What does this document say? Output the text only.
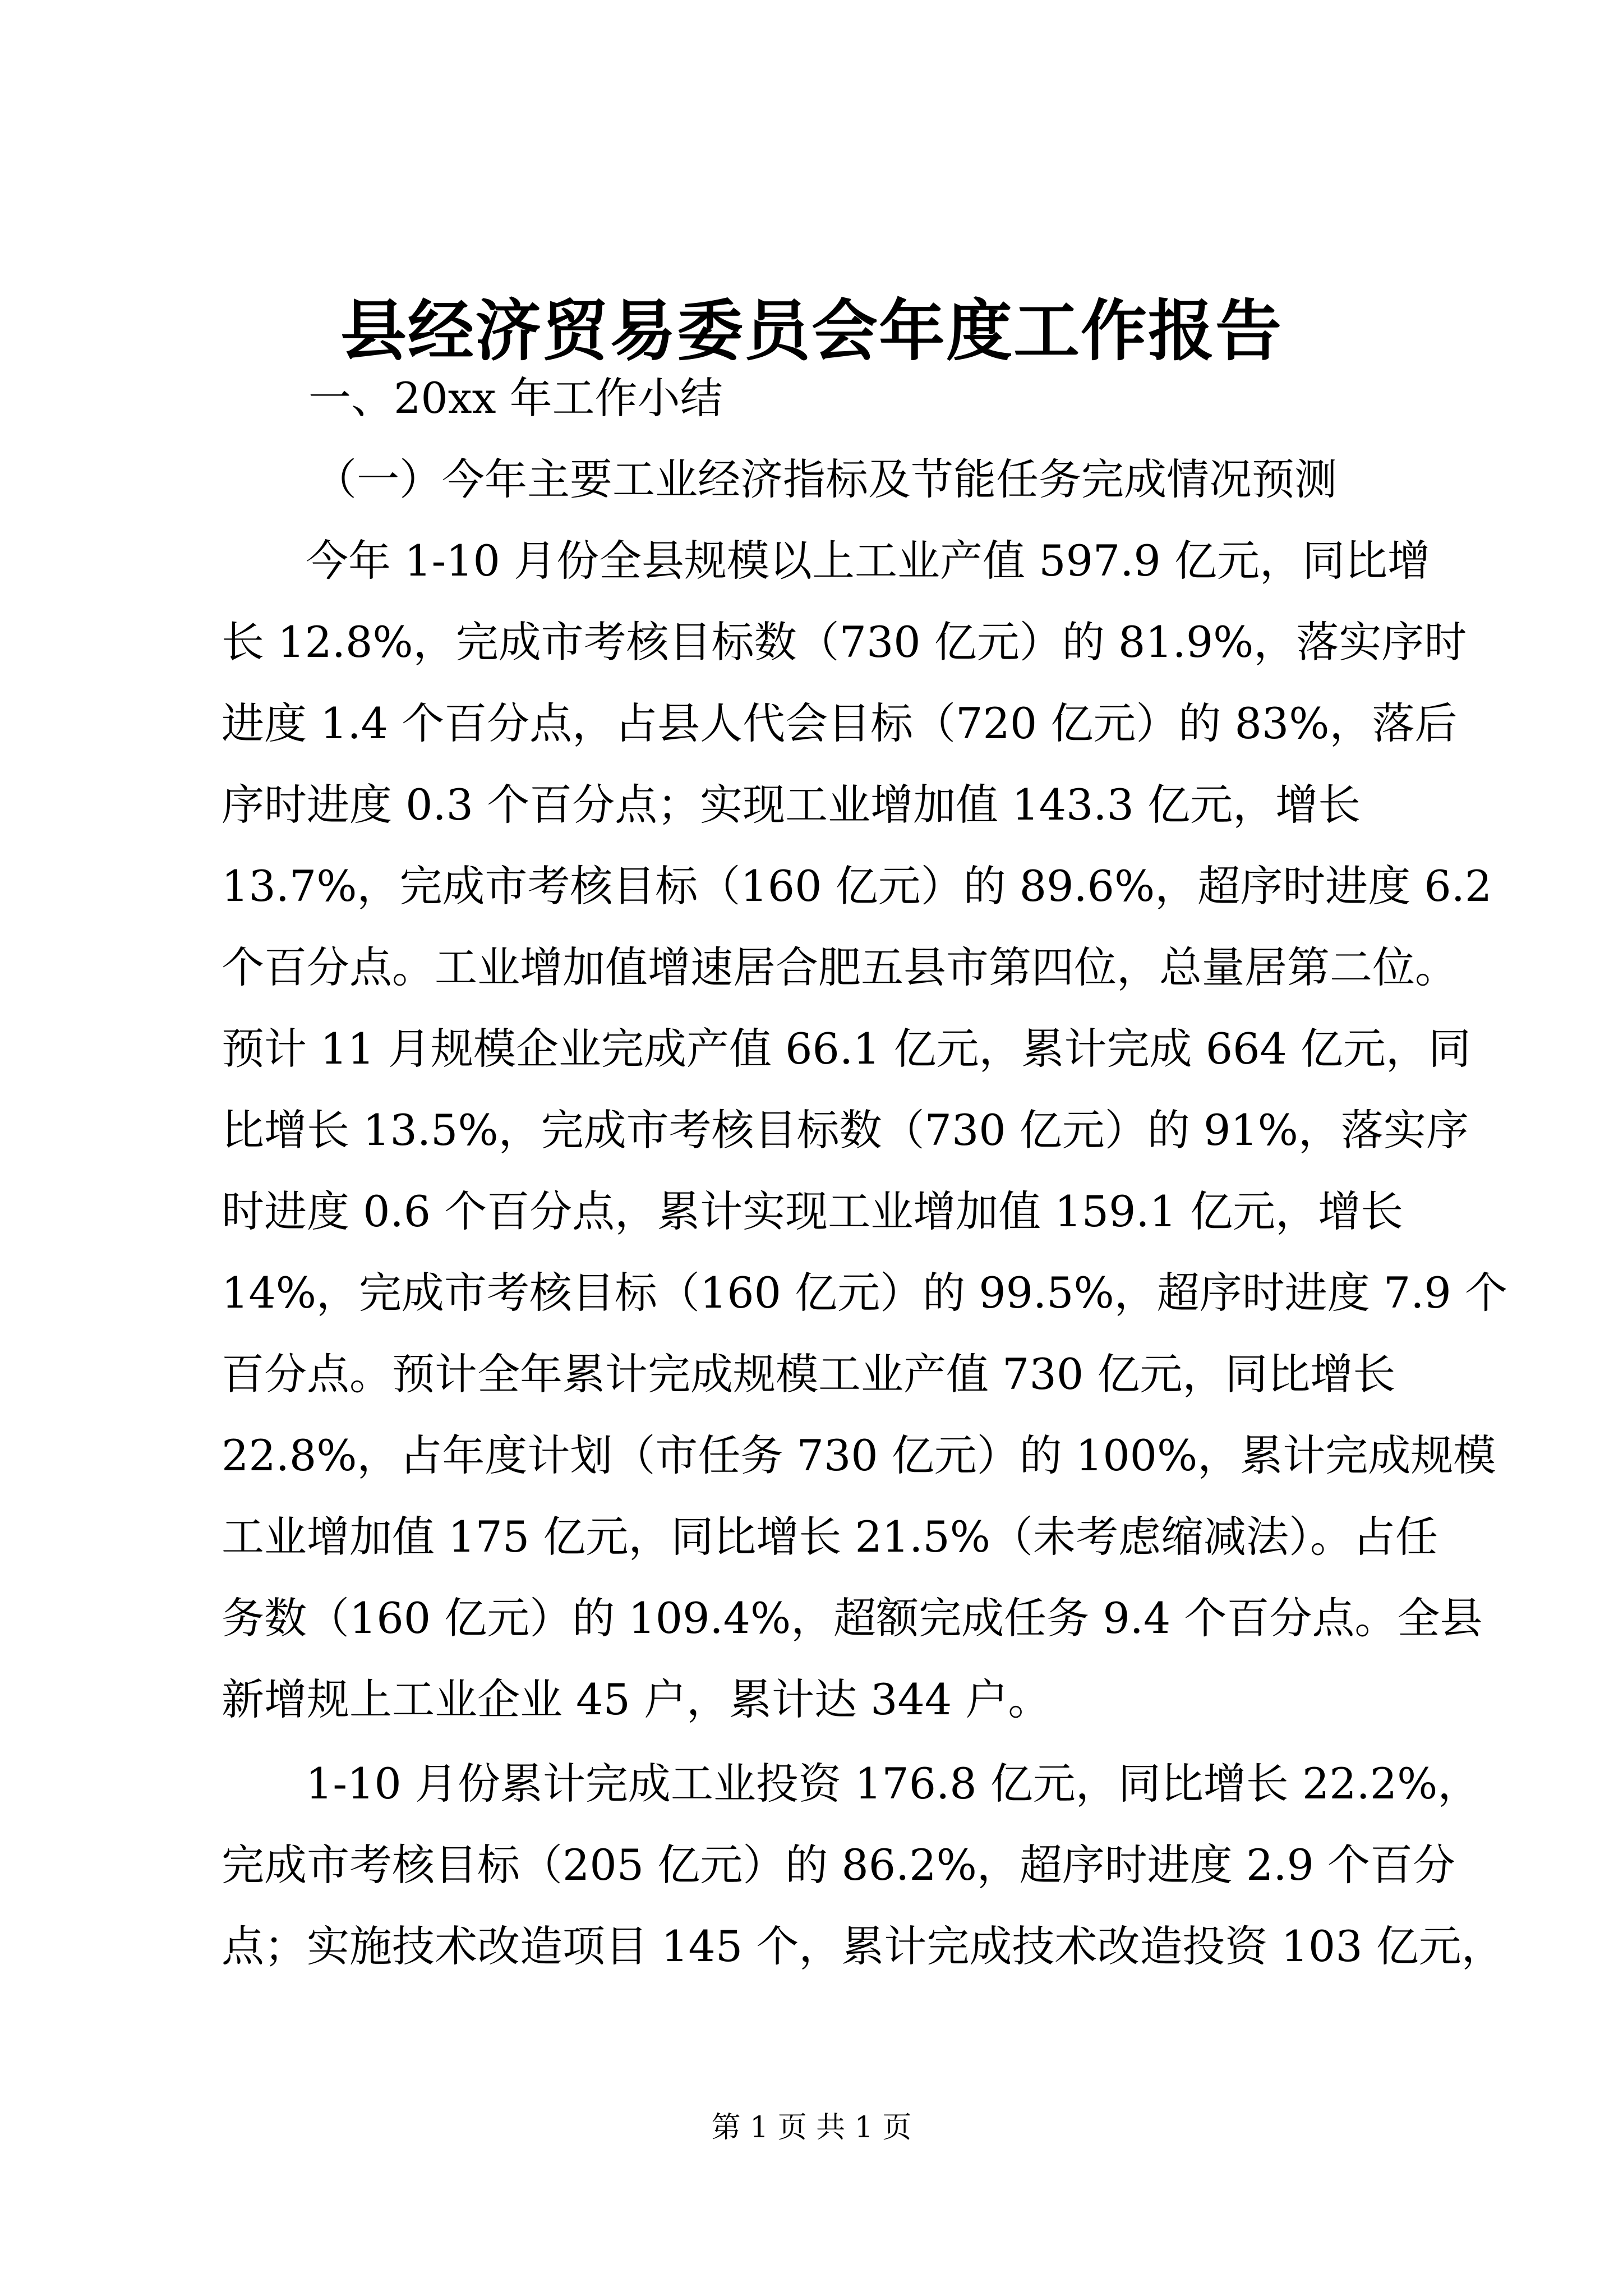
县经济贸易委员会年度工作报告
一、20xx 年工作小结
（一）今年主要工业经济指标及节能任务完成情况预测
今年 1-10 月份全县规模以上工业产值 597.9 亿元，同比增
长 12.8%，完成市考核目标数（730 亿元）的 81.9%，落实序时
进度 1.4 个百分点，占县人代会目标（720 亿元）的 83%，落后
序时进度 0.3 个百分点；实现工业增加值 143.3 亿元，增长
13.7%，完成市考核目标（160 亿元）的 89.6%，超序时进度 6.2
个百分点。工业增加值增速居合肥五县市第四位，总量居第二位。
预计 11 月规模企业完成产值 66.1 亿元，累计完成 664 亿元，同
比增长 13.5%，完成市考核目标数（730 亿元）的 91%，落实序
时进度 0.6 个百分点，累计实现工业增加值 159.1 亿元，增长
14%，完成市考核目标（160 亿元）的 99.5%，超序时进度 7.9 个
百分点。预计全年累计完成规模工业产值 730 亿元，同比增长
22.8%，占年度计划（市任务 730 亿元）的 100%，累计完成规模
工业增加值 175 亿元，同比增长 21.5%（未考虑缩减法）。占任
务数（160 亿元）的 109.4%，超额完成任务 9.4 个百分点。全县
新增规上工业企业 45 户，累计达 344 户。
1-10 月份累计完成工业投资 176.8 亿元，同比增长 22.2%，
完成市考核目标（205 亿元）的 86.2%，超序时进度 2.9 个百分
点；实施技术改造项目 145 个，累计完成技术改造投资 103 亿元，
第 1 页 共 1 页
